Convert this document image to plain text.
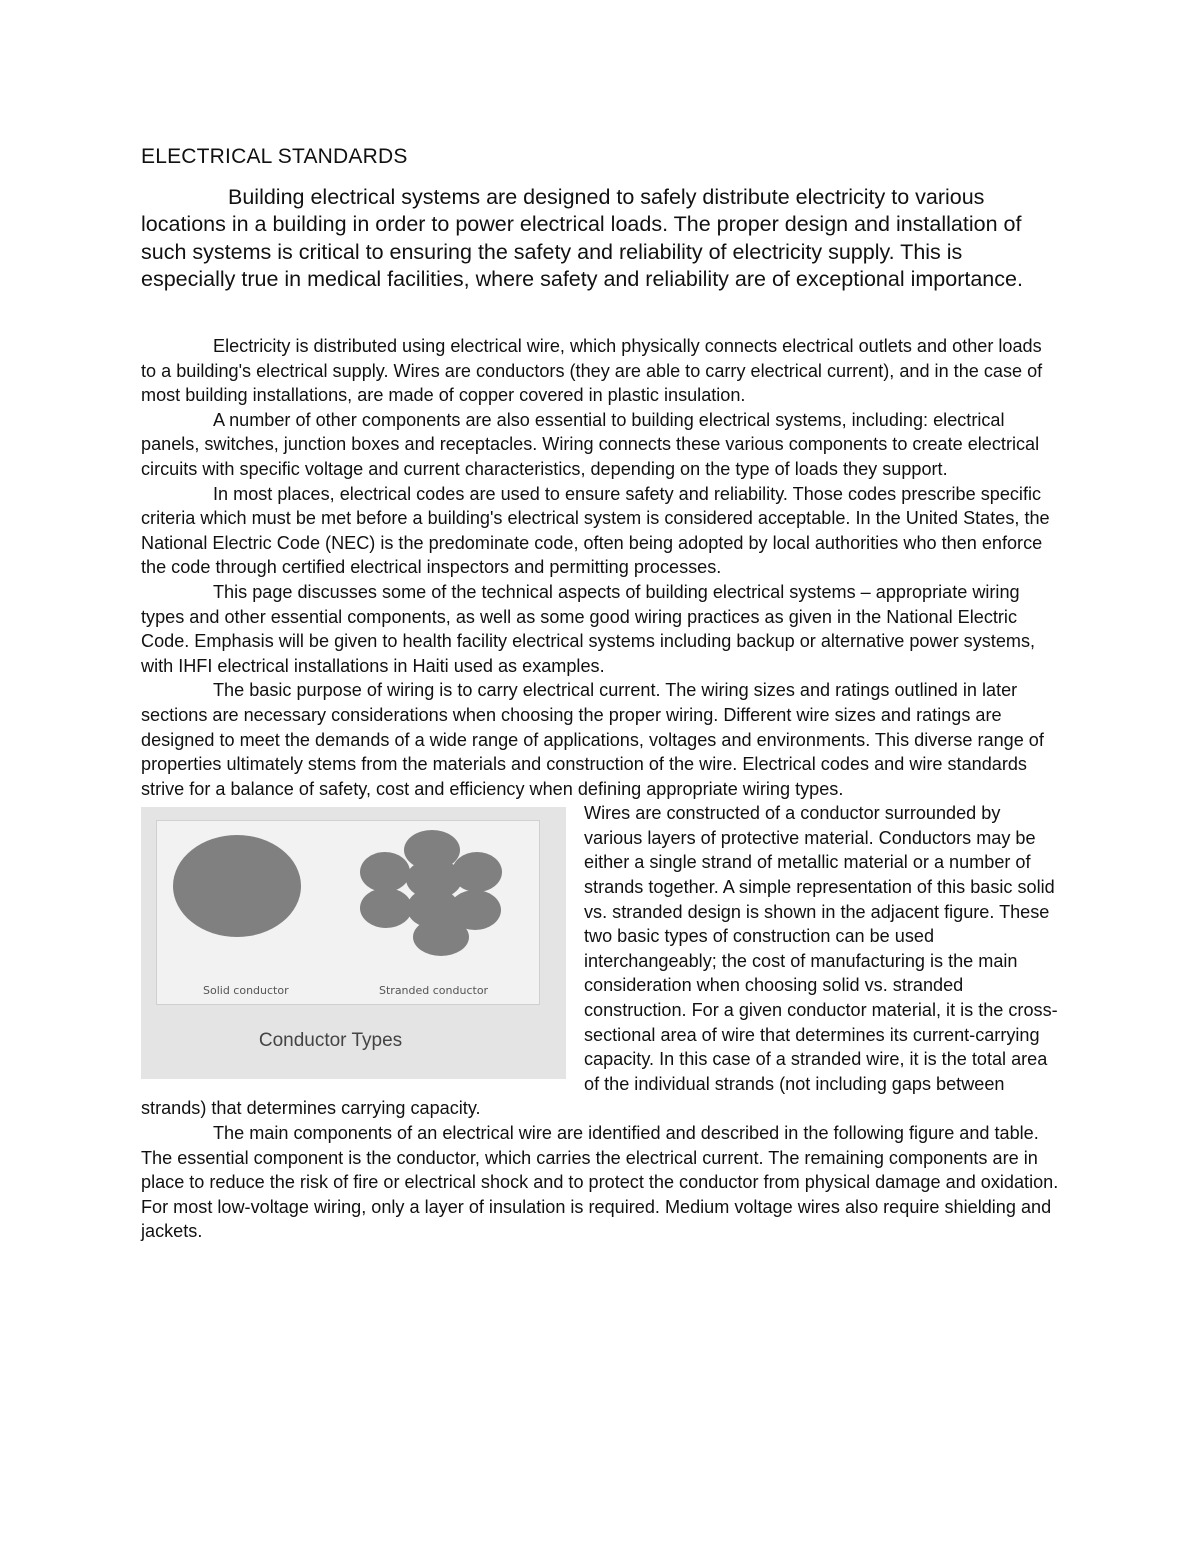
ELECTRICAL STANDARDS

Building electrical systems are designed to safely distribute electricity to various locations in a building in order to power electrical loads. The proper design and installation of such systems is critical to ensuring the safety and reliability of electricity supply. This is especially true in medical facilities, where safety and reliability are of exceptional importance.

Electricity is distributed using electrical wire, which physically connects electrical outlets and other loads to a building's electrical supply. Wires are conductors (they are able to carry electrical current), and in the case of most building installations, are made of copper covered in plastic insulation.

A number of other components are also essential to building electrical systems, including: electrical panels, switches, junction boxes and receptacles. Wiring connects these various components to create electrical circuits with specific voltage and current characteristics, depending on the type of loads they support.

In most places, electrical codes are used to ensure safety and reliability. Those codes prescribe specific criteria which must be met before a building's electrical system is considered acceptable. In the United States, the National Electric Code (NEC) is the predominate code, often being adopted by local authorities who then enforce the code through certified electrical inspectors and permitting processes.

This page discusses some of the technical aspects of building electrical systems – appropriate wiring types and other essential components, as well as some good wiring practices as given in the National Electric Code. Emphasis will be given to health facility electrical systems including backup or alternative power systems, with IHFI electrical installations in Haiti used as examples.

The basic purpose of wiring is to carry electrical current. The wiring sizes and ratings outlined in later sections are necessary considerations when choosing the proper wiring. Different wire sizes and ratings are designed to meet the demands of a wide range of applications, voltages and environments. This diverse range of properties ultimately stems from the materials and construction of the wire. Electrical codes and wire standards strive for a balance of safety, cost and efficiency when defining appropriate wiring types.

Solid conductor	Stranded conductor
Conductor Types

Wires are constructed of a conductor surrounded by various layers of protective material. Conductors may be either a single strand of metallic material or a number of strands together. A simple representation of this basic solid vs. stranded design is shown in the adjacent figure. These two basic types of construction can be used interchangeably; the cost of manufacturing is the main consideration when choosing solid vs. stranded construction. For a given conductor material, it is the cross-sectional area of wire that determines its current-carrying capacity. In this case of a stranded wire, it is the total area of the individual strands (not including gaps between strands) that determines carrying capacity.

The main components of an electrical wire are identified and described in the following figure and table. The essential component is the conductor, which carries the electrical current. The remaining components are in place to reduce the risk of fire or electrical shock and to protect the conductor from physical damage and oxidation. For most low-voltage wiring, only a layer of insulation is required. Medium voltage wires also require shielding and jackets.
